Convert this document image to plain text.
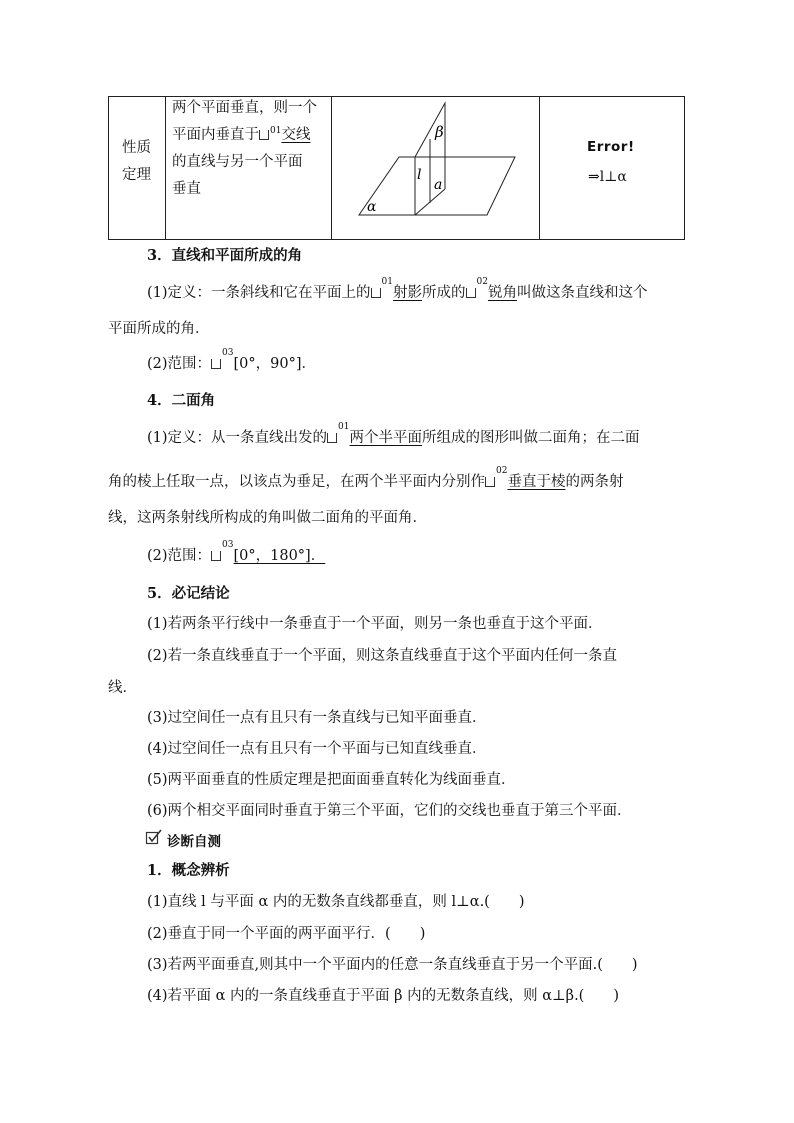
性质
定理
两个平面垂直，则一个
平面内垂直于 $^{01}$交线
的直线与另一个平面
垂直
β
l
a
α
Error!
⇒l⊥α
3．直线和平面所成的角
(1)定义：一条斜线和它在平面上的$^{01}$射影所成的$^{02}$锐角叫做这条直线和这个
平面所成的角．
(2)范围：$^{03}$[0°，90°]．
4．二面角
(1)定义：从一条直线出发的$^{01}$两个半平面所组成的图形叫做二面角；在二面
角的棱上任取一点，以该点为垂足，在两个半平面内分别作$^{02}$垂直于棱的两条射
线，这两条射线所构成的角叫做二面角的平面角．
(2)范围：$^{03}$[0°，180°]．
5．必记结论
(1)若两条平行线中一条垂直于一个平面，则另一条也垂直于这个平面．
(2)若一条直线垂直于一个平面，则这条直线垂直于这个平面内任何一条直
线．
(3)过空间任一点有且只有一条直线与已知平面垂直．
(4)过空间任一点有且只有一个平面与已知直线垂直．
(5)两平面垂直的性质定理是把面面垂直转化为线面垂直．
(6)两个相交平面同时垂直于第三个平面，它们的交线也垂直于第三个平面．
诊断自测
1．概念辨析
(1)直线 l 与平面 α 内的无数条直线都垂直，则 l⊥α.(　　)
(2)垂直于同一个平面的两平面平行．(　　)
(3)若两平面垂直,则其中一个平面内的任意一条直线垂直于另一个平面.(　　)
(4)若平面 α 内的一条直线垂直于平面 β 内的无数条直线，则 α⊥β.(　　)
